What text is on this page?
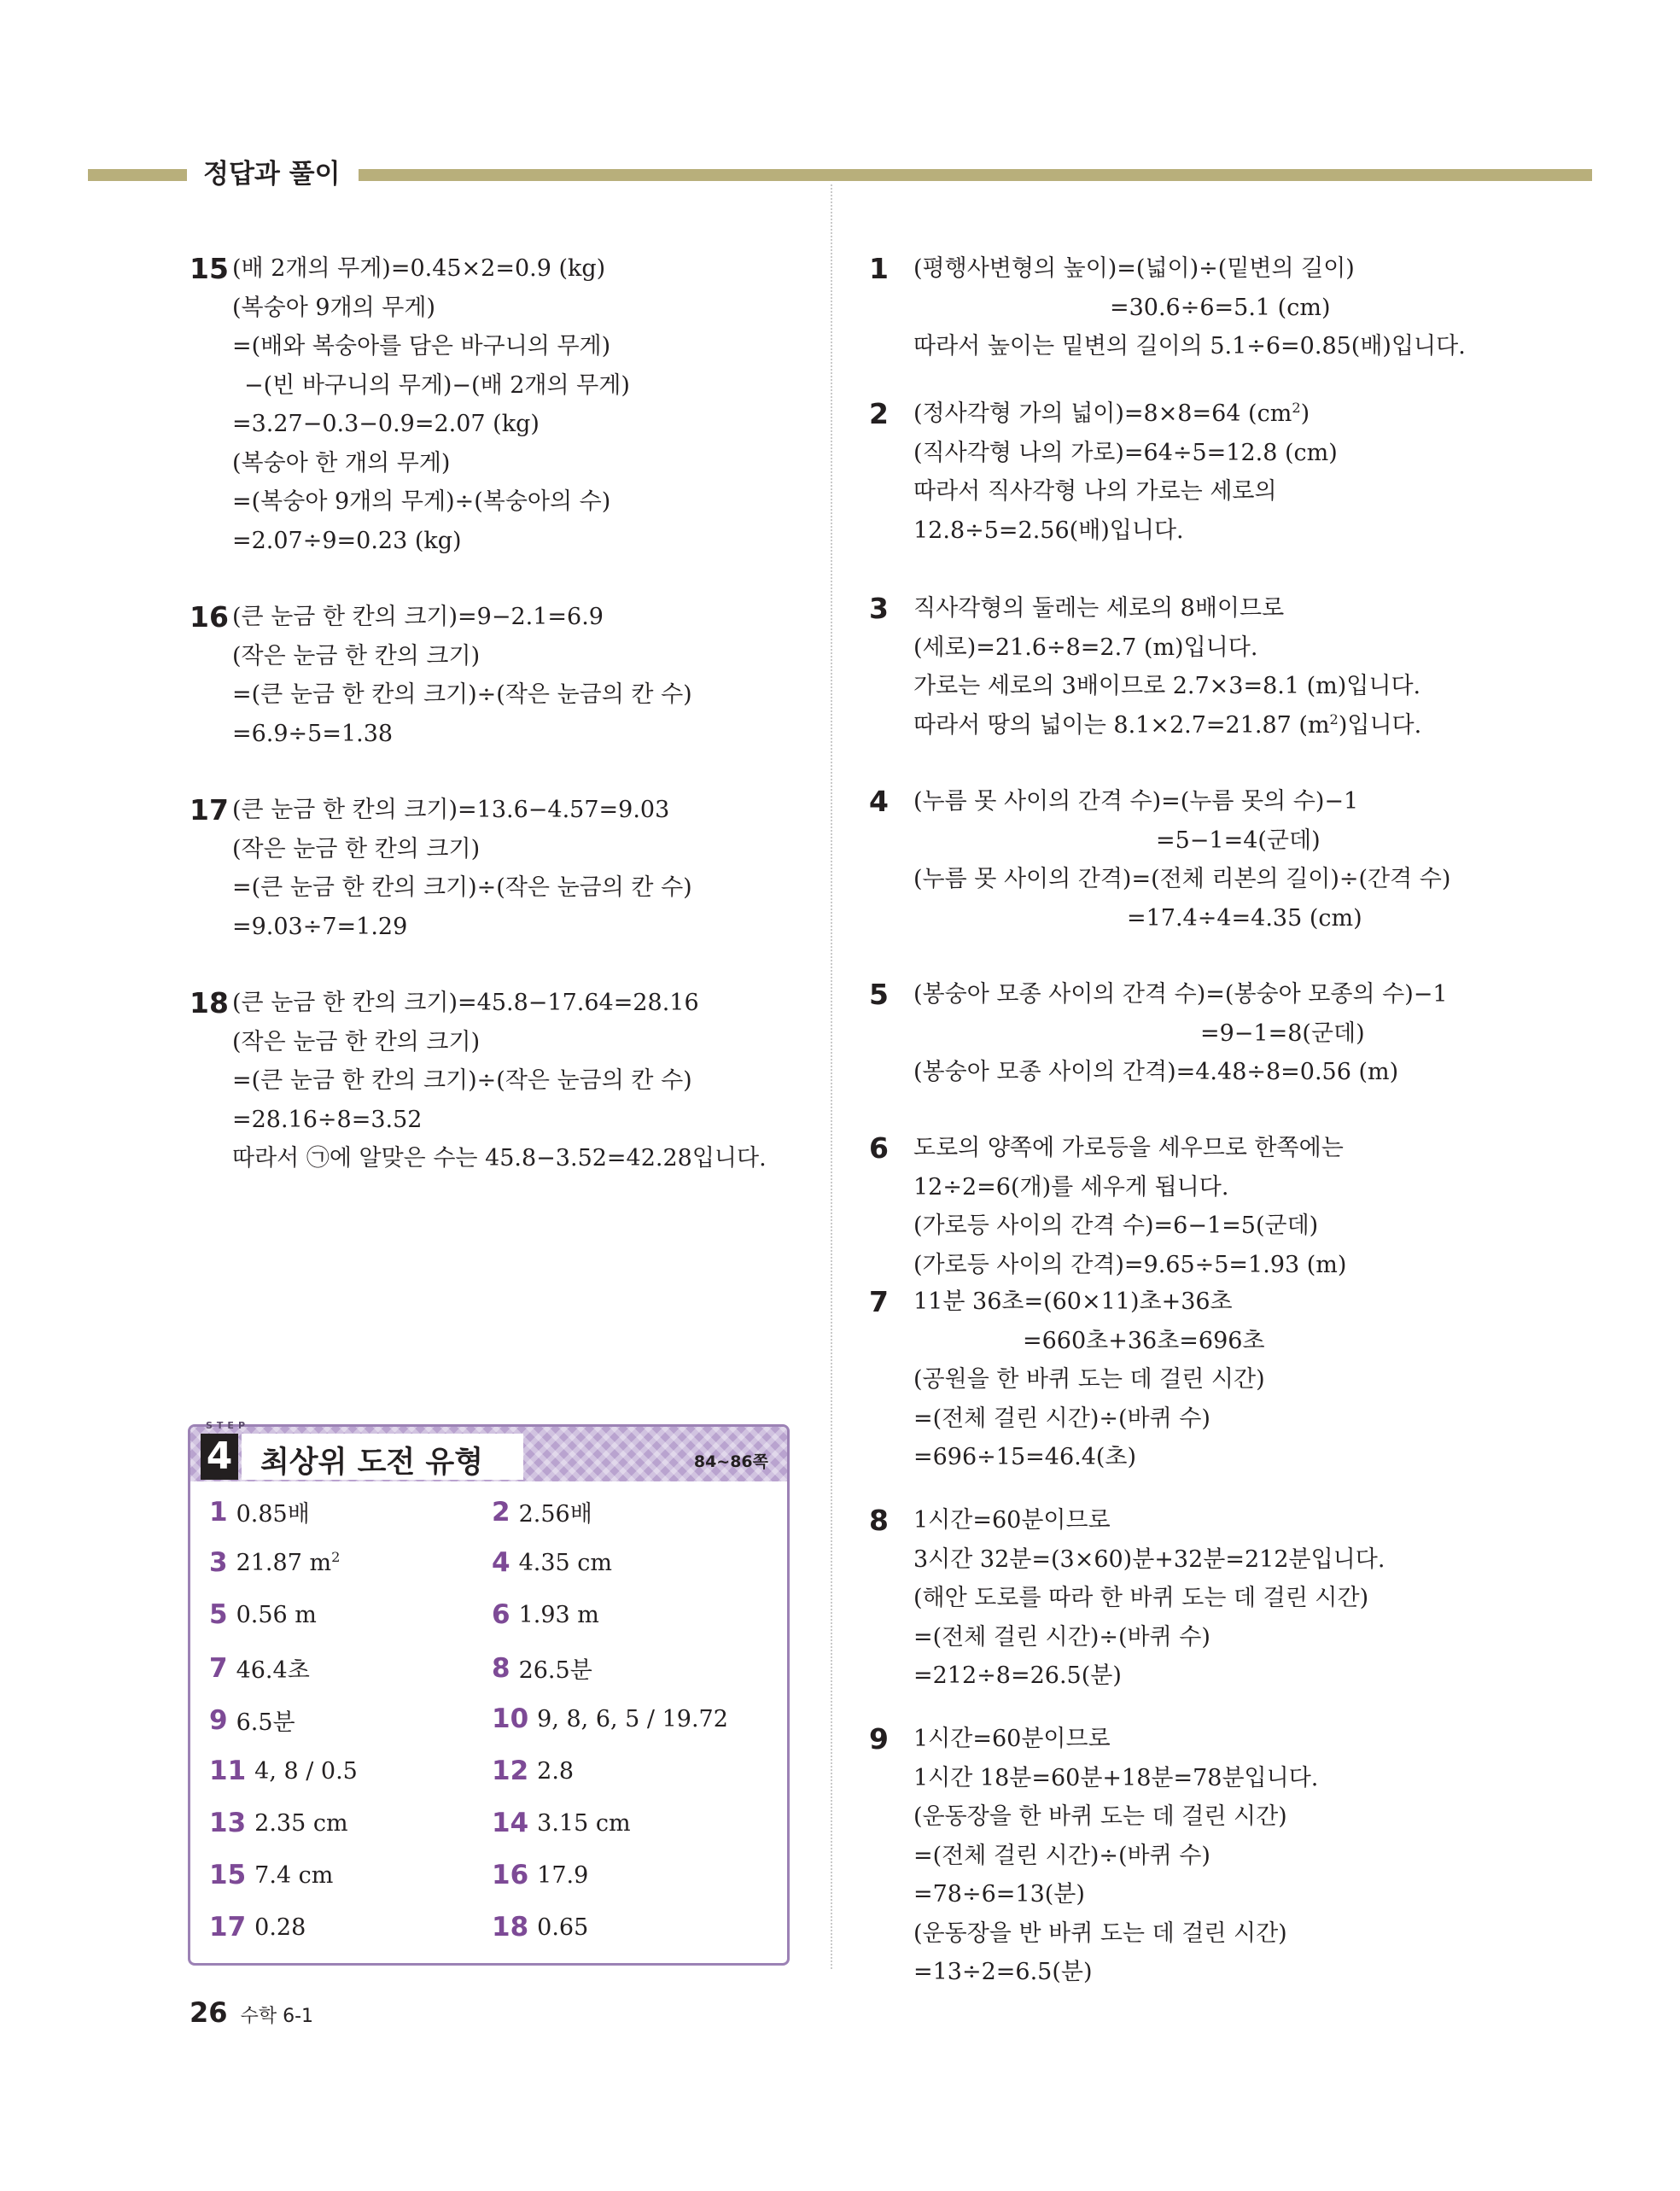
정답과 풀이
15 (배 2개의 무게)=0.45×2=0.9 (kg)
(복숭아 9개의 무게)
=(배와 복숭아를 담은 바구니의 무게)
−(빈 바구니의 무게)−(배 2개의 무게)
=3.27−0.3−0.9=2.07 (kg)
(복숭아 한 개의 무게)
=(복숭아 9개의 무게)÷(복숭아의 수)
=2.07÷9=0.23 (kg)
16 (큰 눈금 한 칸의 크기)=9−2.1=6.9
(작은 눈금 한 칸의 크기)
=(큰 눈금 한 칸의 크기)÷(작은 눈금의 칸 수)
=6.9÷5=1.38
17 (큰 눈금 한 칸의 크기)=13.6−4.57=9.03
(작은 눈금 한 칸의 크기)
=(큰 눈금 한 칸의 크기)÷(작은 눈금의 칸 수)
=9.03÷7=1.29
18 (큰 눈금 한 칸의 크기)=45.8−17.64=28.16
(작은 눈금 한 칸의 크기)
=(큰 눈금 한 칸의 크기)÷(작은 눈금의 칸 수)
=28.16÷8=3.52
따라서 ㉠에 알맞은 수는 45.8−3.52=42.28입니다.
1	(평행사변형의 높이)=(넓이)÷(밑변의 길이)
=30.6÷6=5.1 (cm)
따라서 높이는 밑변의 길이의 5.1÷6=0.85(배)입니다.
2	(정사각형 가의 넓이)=8×8=64 $(cm^2)$
(직사각형 나의 가로)=64÷5=12.8 (cm)
따라서 직사각형 나의 가로는 세로의
12.8÷5=2.56(배)입니다.
3	직사각형의 둘레는 세로의 8배이므로
(세로)=21.6÷8=2.7 (m)입니다.
가로는 세로의 3배이므로 2.7×3=8.1 (m)입니다.
따라서 땅의 넓이는 8.1×2.7=21.87 $(m^2)$입니다.
4	(누름 못 사이의 간격 수)=(누름 못의 수)−1
=5−1=4(군데)
(누름 못 사이의 간격)=(전체 리본의 길이)÷(간격 수)
=17.4÷4=4.35 (cm)
5	(봉숭아 모종 사이의 간격 수)=(봉숭아 모종의 수)−1
=9−1=8(군데)
(봉숭아 모종 사이의 간격)=4.48÷8=0.56 (m)
6	도로의 양쪽에 가로등을 세우므로 한쪽에는
12÷2=6(개)를 세우게 됩니다.
(가로등 사이의 간격 수)=6−1=5(군데)
(가로등 사이의 간격)=9.65÷5=1.93 (m)
7	11분 36초=(60×11)초+36초
=660초+36초=696초
(공원을 한 바퀴 도는 데 걸린 시간)
=(전체 걸린 시간)÷(바퀴 수)
=696÷15=46.4(초)
8	1시간=60분이므로
3시간 32분=(3×60)분+32분=212분입니다.
(해안 도로를 따라 한 바퀴 도는 데 걸린 시간)
=(전체 걸린 시간)÷(바퀴 수)
=212÷8=26.5(분)
9	1시간=60분이므로
1시간 18분=60분+18분=78분입니다.
(운동장을 한 바퀴 도는 데 걸린 시간)
=(전체 걸린 시간)÷(바퀴 수)
=78÷6=13(분)
(운동장을 반 바퀴 도는 데 걸린 시간)
=13÷2=6.5(분)
STEP
4 최상위 도전 유형	84~86쪽
1 0.85배	2 2.56배
3 21.87 $m^2$	4 4.35 cm
5 0.56 m	6 1.93 m
7 46.4초	8 26.5분
9 6.5분	10 9, 8, 6, 5 / 19.72
11 4, 8 / 0.5	12 2.8
13 2.35 cm	14 3.15 cm
15 7.4 cm	16 17.9
17 0.28	18 0.65
26 수학 6-1
